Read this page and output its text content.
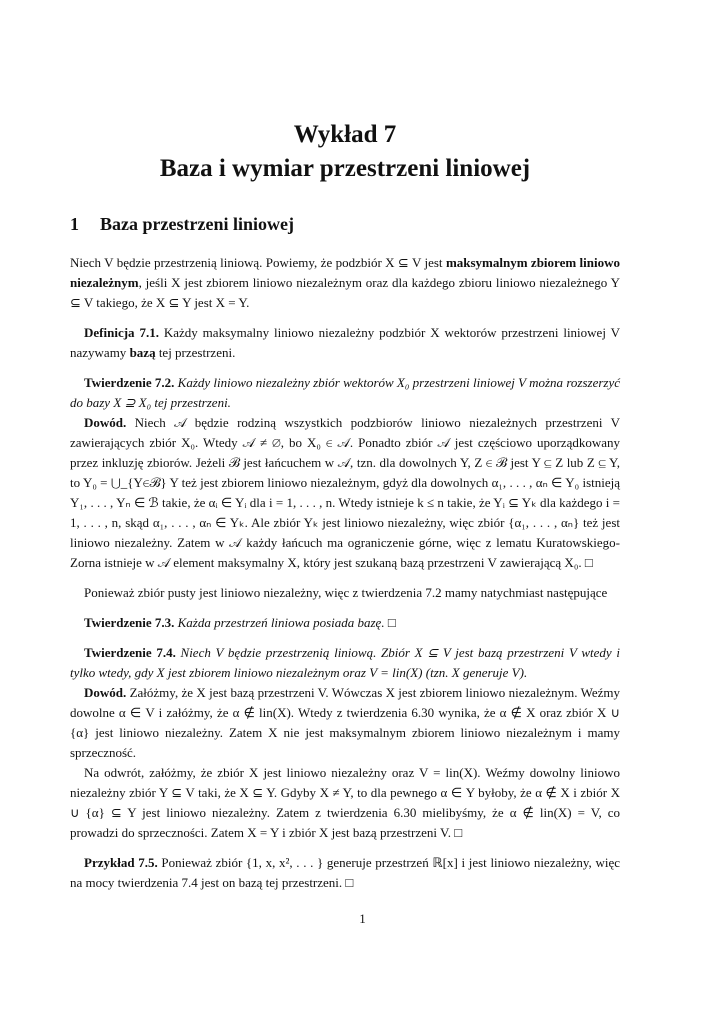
Wykład 7
Baza i wymiar przestrzeni liniowej
1 Baza przestrzeni liniowej

Niech V będzie przestrzenią liniową. Powiemy, że podzbiór X ⊆ V jest maksymalnym zbiorem liniowo niezależnym, jeśli X jest zbiorem liniowo niezależnym oraz dla każdego zbioru liniowo niezależnego Y ⊆ V takiego, że X ⊆ Y jest X = Y.

Definicja 7.1. Każdy maksymalny liniowo niezależny podzbiór X wektorów przestrzeni liniowej V nazywamy bazą tej przestrzeni.

Twierdzenie 7.2. Każdy liniowo niezależny zbiór wektorów X₀ przestrzeni liniowej V można rozszerzyć do bazy X ⊇ X₀ tej przestrzeni.

Dowód. Niech 𝒜 będzie rodziną wszystkich podzbiorów liniowo niezależnych przestrzeni V zawierających zbiór X₀. Wtedy 𝒜 ≠ ∅, bo X₀ ∈ 𝒜. Ponadto zbiór 𝒜 jest częściowo uporządkowany przez inkluzję zbiorów. Jeżeli ℬ jest łańcuchem w 𝒜, tzn. dla dowolnych Y, Z ∈ ℬ jest Y ⊆ Z lub Z ⊆ Y, to Y₀ = ⋃_{Y∈ℬ} Y też jest zbiorem liniowo niezależnym, gdyż dla dowolnych α₁, . . . , αₙ ∈ Y₀ istnieją Y₁, . . . , Yₙ ∈ ℬ takie, że αᵢ ∈ Yᵢ dla i = 1, . . . , n. Wtedy istnieje k ≤ n takie, że Yᵢ ⊆ Yₖ dla każdego i = 1, . . . , n, skąd α₁, . . . , αₙ ∈ Yₖ. Ale zbiór Yₖ jest liniowo niezależny, więc zbiór {α₁, . . . , αₙ} też jest liniowo niezależny. Zatem w 𝒜 każdy łańcuch ma ograniczenie górne, więc z lematu Kuratowskiego-Zorna istnieje w 𝒜 element maksymalny X, który jest szukaną bazą przestrzeni V zawierającą X₀. □

Ponieważ zbiór pusty jest liniowo niezależny, więc z twierdzenia 7.2 mamy natychmiast następujące

Twierdzenie 7.3. Każda przestrzeń liniowa posiada bazę. □

Twierdzenie 7.4. Niech V będzie przestrzenią liniową. Zbiór X ⊆ V jest bazą przestrzeni V wtedy i tylko wtedy, gdy X jest zbiorem liniowo niezależnym oraz V = lin(X) (tzn. X generuje V).

Dowód. Załóżmy, że X jest bazą przestrzeni V. Wówczas X jest zbiorem liniowo niezależnym. Weźmy dowolne α ∈ V i załóżmy, że α ∉ lin(X). Wtedy z twierdzenia 6.30 wynika, że α ∉ X oraz zbiór X ∪ {α} jest liniowo niezależny. Zatem X nie jest maksymalnym zbiorem liniowo niezależnym i mamy sprzeczność.

Na odwrót, załóżmy, że zbiór X jest liniowo niezależny oraz V = lin(X). Weźmy dowolny liniowo niezależny zbiór Y ⊆ V taki, że X ⊆ Y. Gdyby X ≠ Y, to dla pewnego α ∈ Y byłoby, że α ∉ X i zbiór X ∪ {α} ⊆ Y jest liniowo niezależny. Zatem z twierdzenia 6.30 mielibyśmy, że α ∉ lin(X) = V, co prowadzi do sprzeczności. Zatem X = Y i zbiór X jest bazą przestrzeni V. □

Przykład 7.5. Ponieważ zbiór {1, x, x², . . . } generuje przestrzeń ℝ[x] i jest liniowo niezależny, więc na mocy twierdzenia 7.4 jest on bazą tej przestrzeni. □

1
